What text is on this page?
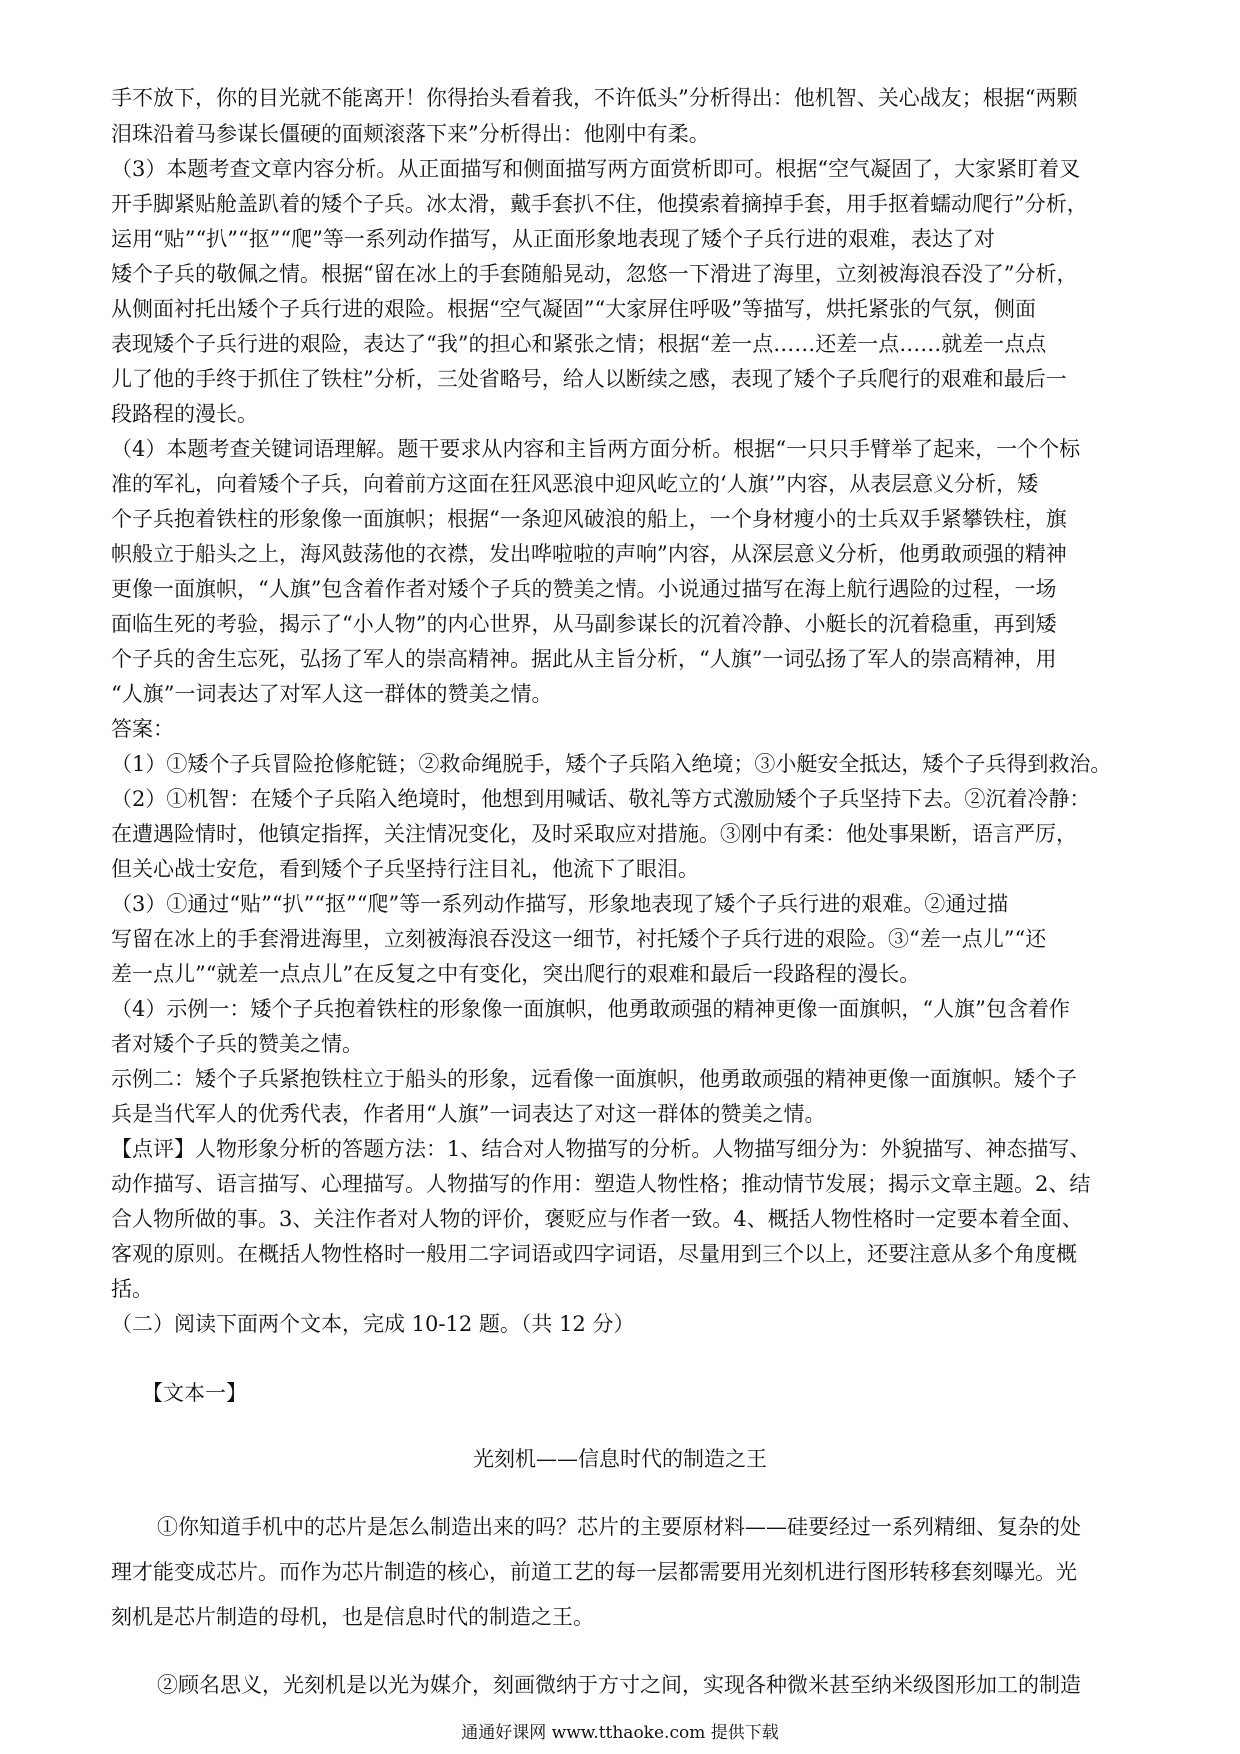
手不放下，你的目光就不能离开！你得抬头看着我，不许低头”分析得出：他机智、关心战友；根据“两颗
泪珠沿着马参谋长僵硬的面颊滚落下来”分析得出：他刚中有柔。
（3）本题考查文章内容分析。从正面描写和侧面描写两方面赏析即可。根据“空气凝固了，大家紧盯着叉
开手脚紧贴舱盖趴着的矮个子兵。冰太滑，戴手套扒不住，他摸索着摘掉手套，用手抠着蠕动爬行”分析，
运用“贴”“扒”“抠”“爬”等一系列动作描写，从正面形象地表现了矮个子兵行进的艰难，表达了对
矮个子兵的敬佩之情。根据“留在冰上的手套随船晃动，忽悠一下滑进了海里，立刻被海浪吞没了”分析，
从侧面衬托出矮个子兵行进的艰险。根据“空气凝固”“大家屏住呼吸”等描写，烘托紧张的气氛，侧面
表现矮个子兵行进的艰险，表达了“我”的担心和紧张之情；根据“差一点……还差一点……就差一点点
儿了他的手终于抓住了铁柱”分析，三处省略号，给人以断续之感，表现了矮个子兵爬行的艰难和最后一
段路程的漫长。
（4）本题考查关键词语理解。题干要求从内容和主旨两方面分析。根据“一只只手臂举了起来，一个个标
准的军礼，向着矮个子兵，向着前方这面在狂风恶浪中迎风屹立的‘人旗’”内容，从表层意义分析，矮
个子兵抱着铁柱的形象像一面旗帜；根据“一条迎风破浪的船上，一个身材瘦小的士兵双手紧攀铁柱，旗
帜般立于船头之上，海风鼓荡他的衣襟，发出哗啦啦的声响”内容，从深层意义分析，他勇敢顽强的精神
更像一面旗帜，“人旗”包含着作者对矮个子兵的赞美之情。小说通过描写在海上航行遇险的过程，一场
面临生死的考验，揭示了“小人物”的内心世界，从马副参谋长的沉着冷静、小艇长的沉着稳重，再到矮
个子兵的舍生忘死，弘扬了军人的崇高精神。据此从主旨分析，“人旗”一词弘扬了军人的崇高精神，用
“人旗”一词表达了对军人这一群体的赞美之情。
答案：
（1）①矮个子兵冒险抢修舵链；②救命绳脱手，矮个子兵陷入绝境；③小艇安全抵达，矮个子兵得到救治。
（2）①机智：在矮个子兵陷入绝境时，他想到用喊话、敬礼等方式激励矮个子兵坚持下去。②沉着冷静：
在遭遇险情时，他镇定指挥，关注情况变化，及时采取应对措施。③刚中有柔：他处事果断，语言严厉，
但关心战士安危，看到矮个子兵坚持行注目礼，他流下了眼泪。
（3）①通过“贴”“扒”“抠”“爬”等一系列动作描写，形象地表现了矮个子兵行进的艰难。②通过描
写留在冰上的手套滑进海里，立刻被海浪吞没这一细节，衬托矮个子兵行进的艰险。③“差一点儿”“还
差一点儿”“就差一点点儿”在反复之中有变化，突出爬行的艰难和最后一段路程的漫长。
（4）示例一：矮个子兵抱着铁柱的形象像一面旗帜，他勇敢顽强的精神更像一面旗帜，“人旗”包含着作
者对矮个子兵的赞美之情。
示例二：矮个子兵紧抱铁柱立于船头的形象，远看像一面旗帜，他勇敢顽强的精神更像一面旗帜。矮个子
兵是当代军人的优秀代表，作者用“人旗”一词表达了对这一群体的赞美之情。
【点评】人物形象分析的答题方法：1、结合对人物描写的分析。人物描写细分为：外貌描写、神态描写、
动作描写、语言描写、心理描写。人物描写的作用：塑造人物性格；推动情节发展；揭示文章主题。2、结
合人物所做的事。3、关注作者对人物的评价，褒贬应与作者一致。4、概括人物性格时一定要本着全面、
客观的原则。在概括人物性格时一般用二字词语或四字词语，尽量用到三个以上，还要注意从多个角度概
括。
（二）阅读下面两个文本，完成 10-12 题。（共 12 分）
【文本一】
光刻机——信息时代的制造之王
①你知道手机中的芯片是怎么制造出来的吗？芯片的主要原材料——硅要经过一系列精细、复杂的处
理才能变成芯片。而作为芯片制造的核心，前道工艺的每一层都需要用光刻机进行图形转移套刻曝光。光
刻机是芯片制造的母机，也是信息时代的制造之王。
②顾名思义，光刻机是以光为媒介，刻画微纳于方寸之间，实现各种微米甚至纳米级图形加工的制造
通通好课网 www.tthaoke.com 提供下载
